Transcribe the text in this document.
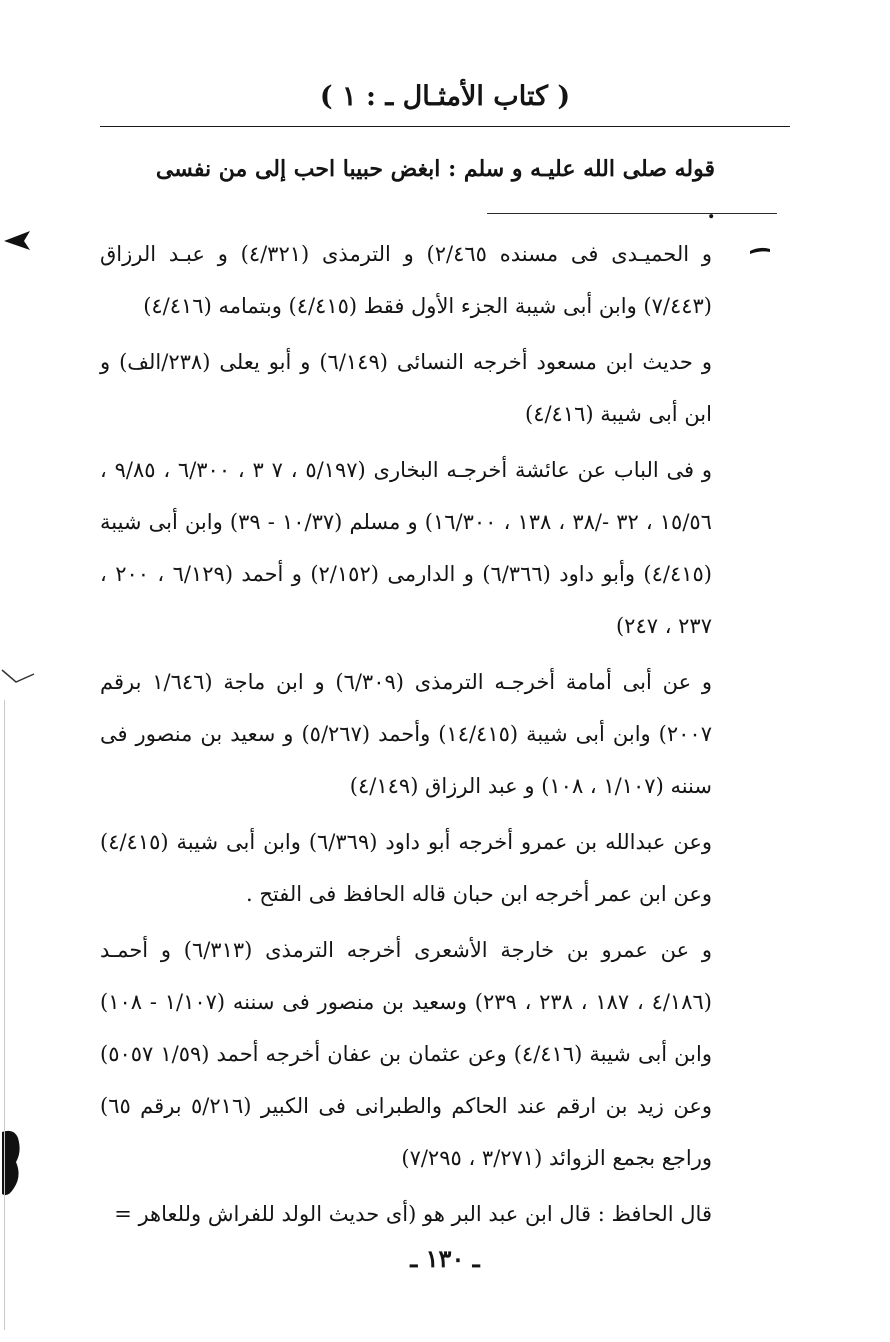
( كتاب الأمثـال ـ : ١ )
قوله صلى الله عليـه و سلم : ابغض حبيبا احب إلى من نفسى .

و الحميـدى فى مسنده ٢/٤٦٥) و الترمذى (٤/٣٢١) و عبـد الرزاق (٧/٤٤٣) وابن أبى شيبة الجزء الأول فقط (٤/٤١٥) وبتمامه (٤/٤١٦)

و حديث ابن مسعود أخرجه النسائى (٦/١٤٩) و أبو يعلى (٢٣٨/الف) و ابن أبى شيبة (٤/٤١٦)

و فى الباب عن عائشة أخرجـه البخارى (٥/١٩٧ ، ٧ ٣ ، ٦/٣٠٠ ، ٩/٨٥ ، ١٥/٥٦ ، ٣٢ -/٣٨ ، ١٣٨ ، ١٦/٣٠٠) و مسلم (١٠/٣٧ - ٣٩) وابن أبى شيبة (٤/٤١٥) وأبو داود (٦/٣٦٦) و الدارمى (٢/١٥٢) و أحمد (٦/١٢٩ ، ٢٠٠ ، ٢٣٧ ، ٢٤٧)

و عن أبى أمامة أخرجـه الترمذى (٦/٣٠٩) و ابن ماجة (١/٦٤٦ برقم ٢٠٠٧) وابن أبى شيبة (١٤/٤١٥) وأحمد (٥/٢٦٧) و سعيد بن منصور فى سننه (١/١٠٧ ، ١٠٨) و عبد الرزاق (٤/١٤٩)

وعن عبدالله بن عمرو أخرجه أبو داود (٦/٣٦٩) وابن أبى شيبة (٤/٤١٥) وعن ابن عمر أخرجه ابن حبان قاله الحافظ فى الفتح .

و عن عمرو بن خارجة الأشعرى أخرجه الترمذى (٦/٣١٣) و أحمـد (٤/١٨٦ ، ١٨٧ ، ٢٣٨ ، ٢٣٩) وسعيد بن منصور فى سننه (١/١٠٧ - ١٠٨) وابن أبى شيبة (٤/٤١٦) وعن عثمان بن عفان أخرجه أحمد (١/٥٩ ٥٠٥٧) وعن زيد بن ارقم عند الحاكم والطبرانى فى الكبير (٥/٢١٦ برقم ٦٥) وراجع بجمع الزوائد (٣/٢٧١ ، ٧/٢٩٥)

قال الحافظ : قال ابن عبد البر هو (أى حديث الولد للفراش وللعاهر =

ـ ١٣٠ ـ
